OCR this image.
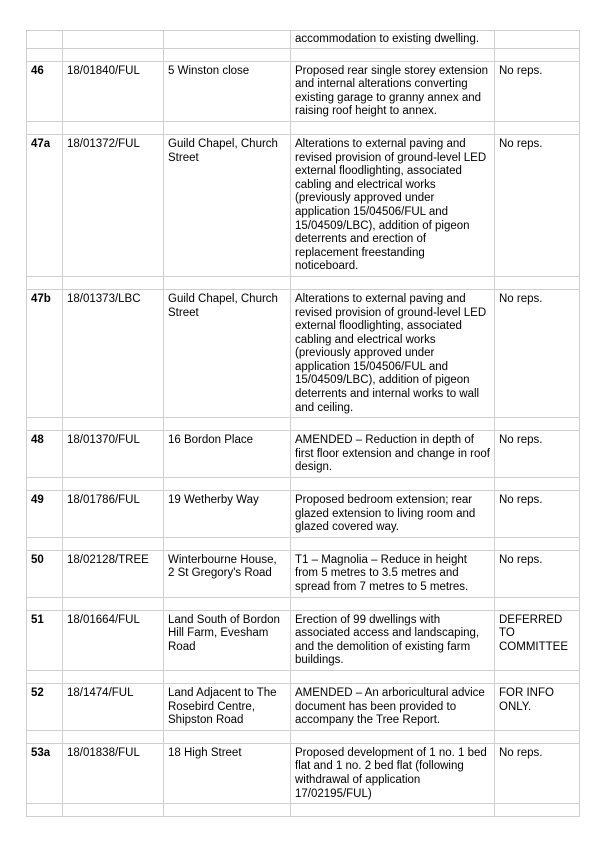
			accommodation to existing dwelling.	

46	18/01840/FUL	5 Winston close	Proposed rear single storey extension and internal alterations converting existing garage to granny annex and raising roof height to annex.	No reps.

47a	18/01372/FUL	Guild Chapel, Church Street	Alterations to external paving and revised provision of ground-level LED external floodlighting, associated cabling and electrical works (previously approved under application 15/04506/FUL and 15/04509/LBC), addition of pigeon deterrents and erection of replacement freestanding noticeboard.	No reps.

47b	18/01373/LBC	Guild Chapel, Church Street	Alterations to external paving and revised provision of ground-level LED external floodlighting, associated cabling and electrical works (previously approved under application 15/04506/FUL and 15/04509/LBC), addition of pigeon deterrents and internal works to wall and ceiling.	No reps.

48	18/01370/FUL	16 Bordon Place	AMENDED – Reduction in depth of first floor extension and change in roof design.	No reps.

49	18/01786/FUL	19 Wetherby Way	Proposed bedroom extension; rear glazed extension to living room and glazed covered way.	No reps.

50	18/02128/TREE	Winterbourne House, 2 St Gregory's Road	T1 – Magnolia – Reduce in height from 5 metres to 3.5 metres and spread from 7 metres to 5 metres.	No reps.

51	18/01664/FUL	Land South of Bordon Hill Farm, Evesham Road	Erection of 99 dwellings with associated access and landscaping, and the demolition of existing farm buildings.	DEFERRED TO COMMITTEE

52	18/1474/FUL	Land Adjacent to The Rosebird Centre, Shipston Road	AMENDED – An arboricultural advice document has been provided to accompany the Tree Report.	FOR INFO ONLY.

53a	18/01838/FUL	18 High Street	Proposed development of 1 no. 1 bed flat and 1 no. 2 bed flat (following withdrawal of application 17/02195/FUL)	No reps.
